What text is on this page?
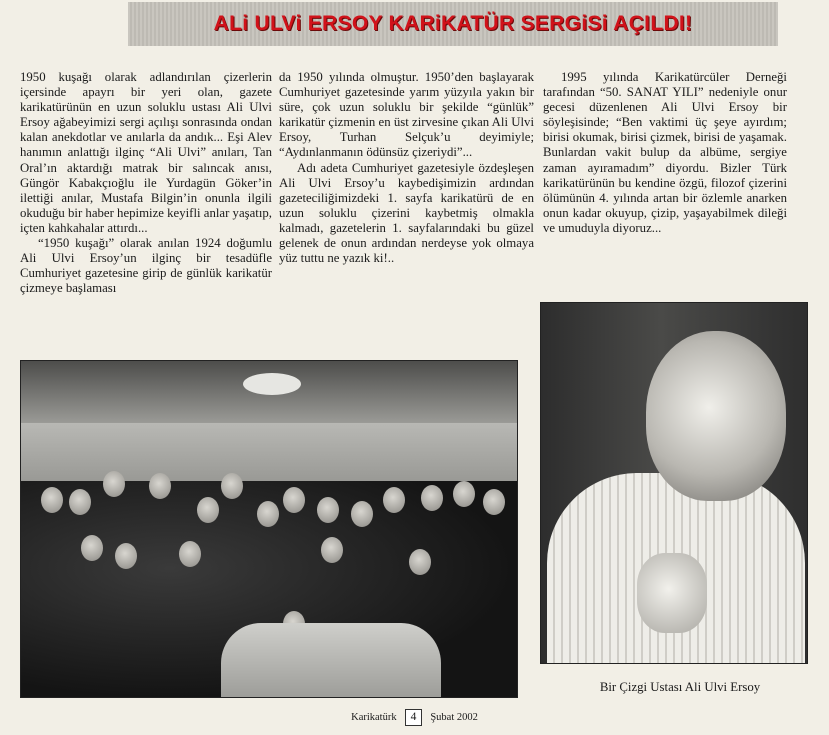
ALi ULVi ERSOY KARiKATÜR SERGiSi AÇILDI!

1950 kuşağı olarak adlandırılan çizerlerin içersinde apayrı bir yeri olan, gazete karikatürünün en uzun soluklu ustası Ali Ulvi Ersoy ağabeyimizi sergi açılışı sonrasında ondan kalan anekdotlar ve anılarla da andık... Eşi Alev hanımın anlattığı ilginç “Ali Ulvi” anıları, Tan Oral’ın aktardığı matrak bir salıncak anısı, Güngör Kabakçıoğlu ile Yurdagün Göker’in ilettiği anılar, Mustafa Bilgin’in onunla ilgili okuduğu bir haber hepimize keyifli anlar yaşatıp, içten kahkahalar attırdı...

“1950 kuşağı” olarak anılan 1924 doğumlu Ali Ulvi Ersoy’un ilginç bir tesadüfle Cumhuriyet gazetesine girip de günlük karikatür çizmeye başlaması

da 1950 yılında olmuştur. 1950’den başlayarak Cumhuriyet gazetesinde yarım yüzyıla yakın bir süre, çok uzun soluklu bir şekilde “günlük” karikatür çizmenin en üst zirvesine çıkan Ali Ulvi Ersoy, Turhan Selçuk’u deyimiyle; “Aydınlanmanın ödünsüz çizeriydi”...

Adı adeta Cumhuriyet gazetesiyle özdeşleşen Ali Ulvi Ersoy’u kaybedişimizin ardından gazeteciliğimizdeki 1. sayfa karikatürü de en uzun soluklu çizerini kaybetmiş olmakla kalmadı, gazetelerin 1. sayfalarındaki bu güzel gelenek de onun ardından nerdeyse yok olmaya yüz tuttu ne yazık ki!..

1995 yılında Karikatürcüler Derneği tarafından “50. SANAT YILI” nedeniyle onur gecesi düzenlenen Ali Ulvi Ersoy bir söyleşisinde; “Ben vaktimi üç şeye ayırdım; birisi okumak, birisi çizmek, birisi de yaşamak. Bunlardan vakit bulup da albüme, sergiye zaman ayıramadım” diyordu. Bizler Türk karikatürünün bu kendine özgü, filozof çizerini ölümünün 4. yılında artan bir özlemle anarken onun kadar okuyup, çizip, yaşayabilmek dileği ve umuduyla diyoruz...

Bir Çizgi Ustası Ali Ulvi Ersoy
Karikatürk	4	Şubat 2002
